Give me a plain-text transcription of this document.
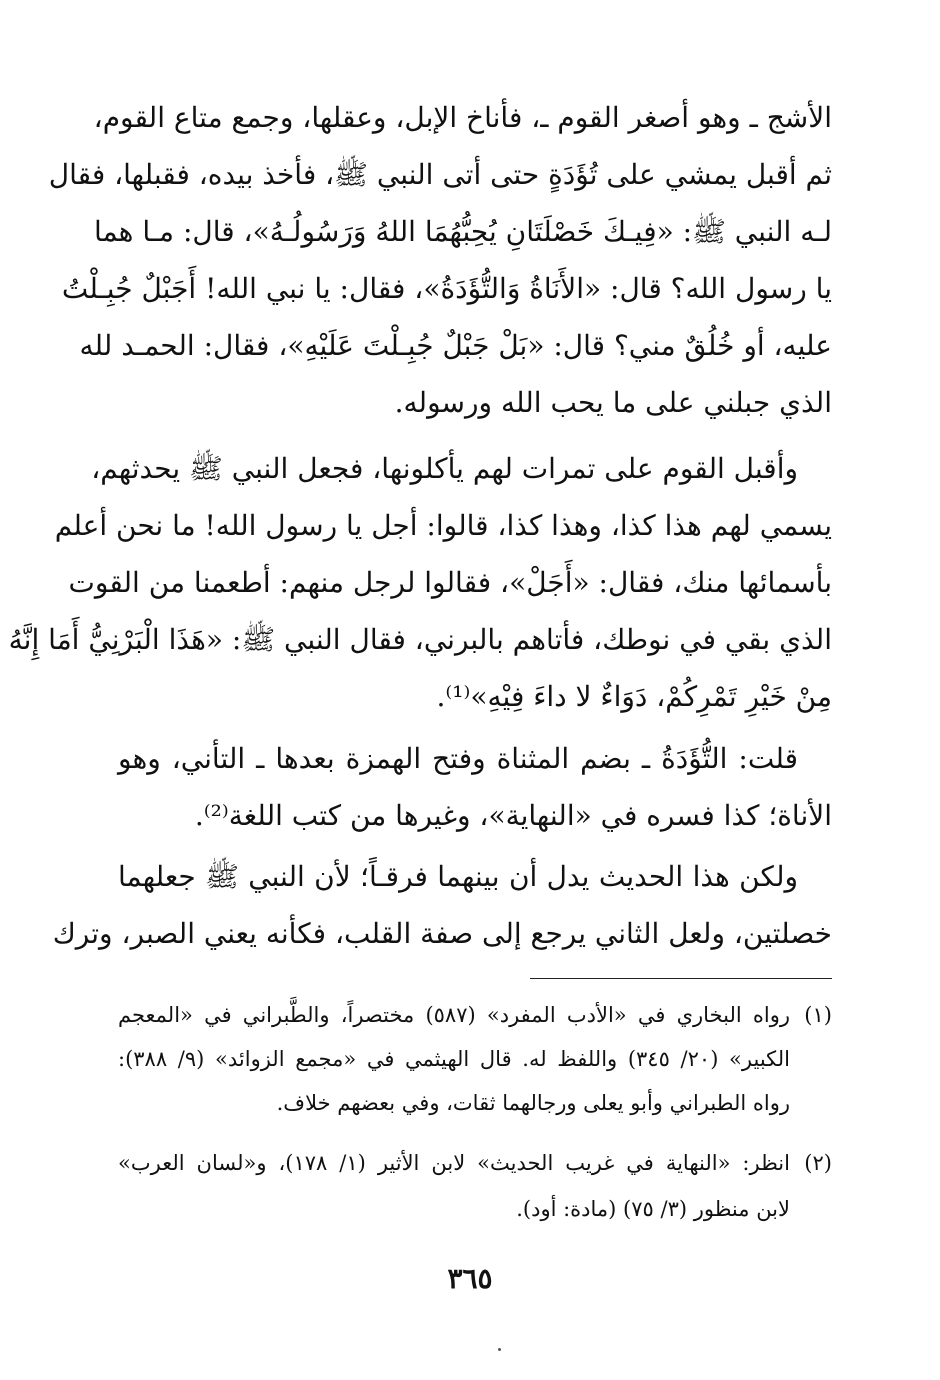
الأشج ـ وهو أصغر القوم ـ، فأناخ الإبل، وعقلها، وجمع متاع القوم،
ثم أقبل يمشي على تُؤَدَةٍ حتى أتى النبي ﷺ، فأخذ بيده، فقبلها، فقال
لـه النبي ﷺ: «فِيـكَ خَصْلَتَانِ يُحِبُّهُمَا اللهُ وَرَسُولُـهُ»، قال: مـا هما
يا رسول الله؟ قال: «الأَنَاةُ وَالتُّؤَدَةُ»، فقال: يا نبي الله! أَجَبْلٌ جُبِـلْتُ
عليه، أو خُلُقٌ مني؟ قال: «بَلْ جَبْلٌ جُبِـلْتَ عَلَيْهِ»، فقال: الحمـد لله
الذي جبلني على ما يحب الله ورسوله.
وأقبل القوم على تمرات لهم يأكلونها، فجعل النبي ﷺ يحدثهم،
يسمي لهم هذا كذا، وهذا كذا، قالوا: أجل يا رسول الله! ما نحن أعلم
بأسمائها منك، فقال: «أَجَلْ»، فقالوا لرجل منهم: أطعمنا من القوت
الذي بقي في نوطك، فأتاهم بالبرني، فقال النبي ﷺ: «هَذَا الْبَرْنِيُّ أَمَا إِنَّهُ
مِنْ خَيْرِ تَمْرِكُمْ، دَوَاءٌ لا داءَ فِيْهِ»⁽¹⁾.
قلت: التُّؤَدَةُ ـ بضم المثناة وفتح الهمزة بعدها ـ التأني، وهو
الأناة؛ كذا فسره في «النهاية»، وغيرها من كتب اللغة⁽²⁾.
ولكن هذا الحديث يدل أن بينهما فرقـاً؛ لأن النبي ﷺ جعلهما
خصلتين، ولعل الثاني يرجع إلى صفة القلب، فكأنه يعني الصبر، وترك
(١)رواه البخاري في «الأدب المفرد» (٥٨٧) مختصراً، والطَّبراني في «المعجم
الكبير» (٢٠/ ٣٤٥) واللفظ له. قال الهيثمي في «مجمع الزوائد» (٩/ ٣٨٨):
رواه الطبراني وأبو يعلى ورجالهما ثقات، وفي بعضهم خلاف.
(٢)انظر: «النهاية في غريب الحديث» لابن الأثير (١/ ١٧٨)، و«لسان العرب»
لابن منظور (٣/ ٧٥) (مادة: أود).
٣٦٥
